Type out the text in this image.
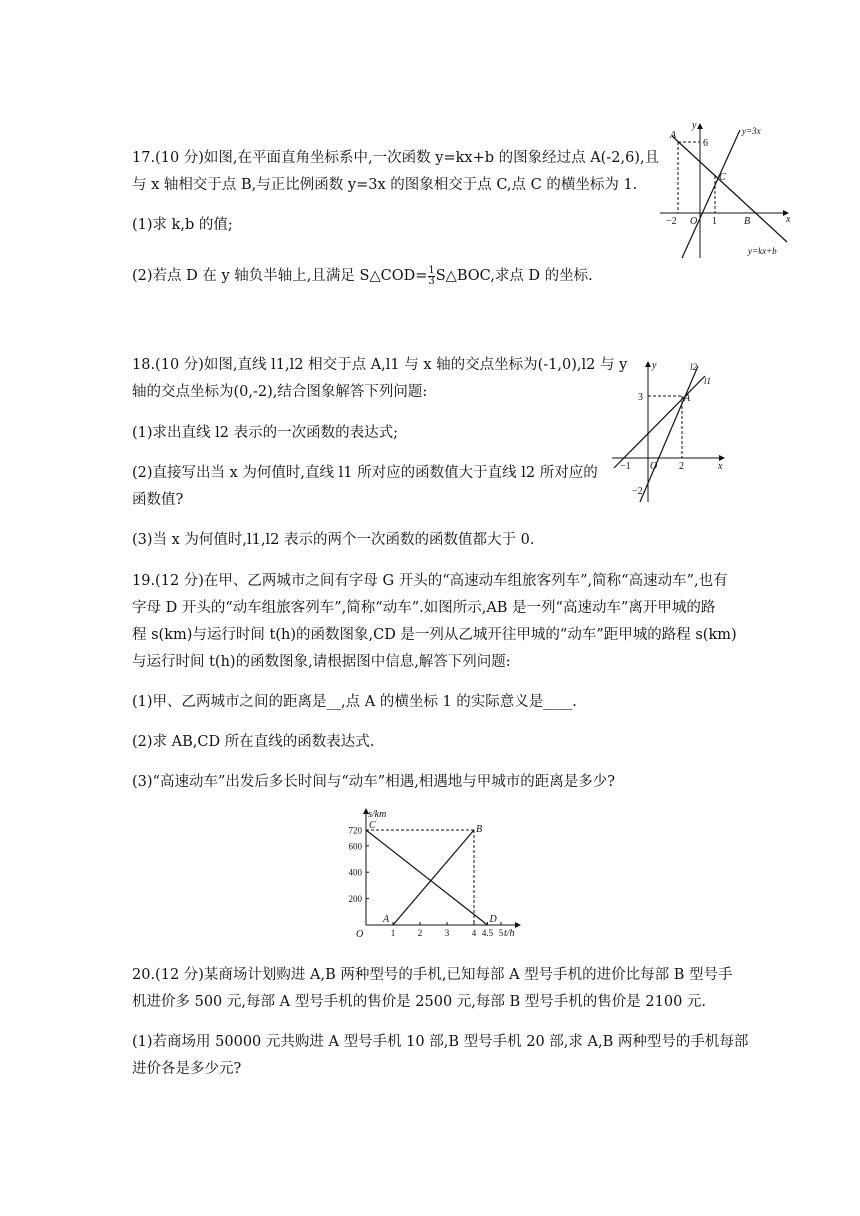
17.(10 分)如图,在平面直角坐标系中,一次函数 y=kx+b 的图象经过点 A(-2,6),且
与 x 轴相交于点 B,与正比例函数 y=3x 的图象相交于点 C,点 C 的横坐标为 1.
(1)求 k,b 的值;
(2)若点 D 在 y 轴负半轴上,且满足 S△COD= $\frac{1}{3}$ S△BOC,求点 D 的坐标.
y
x
A
6
C
O
−2	1	B
y=3x
y=kx+b
18.(10 分)如图,直线 l1,l2 相交于点 A,l1 与 x 轴的交点坐标为(-1,0),l2 与 y
轴的交点坐标为(0,-2),结合图象解答下列问题:
(1)求出直线 l2 表示的一次函数的表达式;
(2)直接写出当 x 为何值时,直线 l1 所对应的函数值大于直线 l2 所对应的
函数值?
(3)当 x 为何值时,l1,l2 表示的两个一次函数的函数值都大于 0.
y
x
l2
l1
3	A
−1 O 2
−2
19.(12 分)在甲、乙两城市之间有字母 G 开头的“高速动车组旅客列车”,简称“高速动车”,也有
字母 D 开头的“动车组旅客列车”,简称“动车”.如图所示,AB 是一列“高速动车”离开甲城的路
程 s(km)与运行时间 t(h)的函数图象,CD 是一列从乙城开往甲城的“动车”距甲城的路程 s(km)
与运行时间 t(h)的函数图象,请根据图中信息,解答下列问题:
(1)甲、乙两城市之间的距离是__,点 A 的横坐标 1 的实际意义是____.
(2)求 AB,CD 所在直线的函数表达式.
(3)“高速动车”出发后多长时间与“动车”相遇,相遇地与甲城市的距离是多少?
s/km
t/h
O
200
400
600
720
1	2	3	4 4.5 5
A
B
C
D
20.(12 分)某商场计划购进 A,B 两种型号的手机,已知每部 A 型号手机的进价比每部 B 型号手
机进价多 500 元,每部 A 型号手机的售价是 2500 元,每部 B 型号手机的售价是 2100 元.
(1)若商场用 50000 元共购进 A 型号手机 10 部,B 型号手机 20 部,求 A,B 两种型号的手机每部
进价各是多少元?
